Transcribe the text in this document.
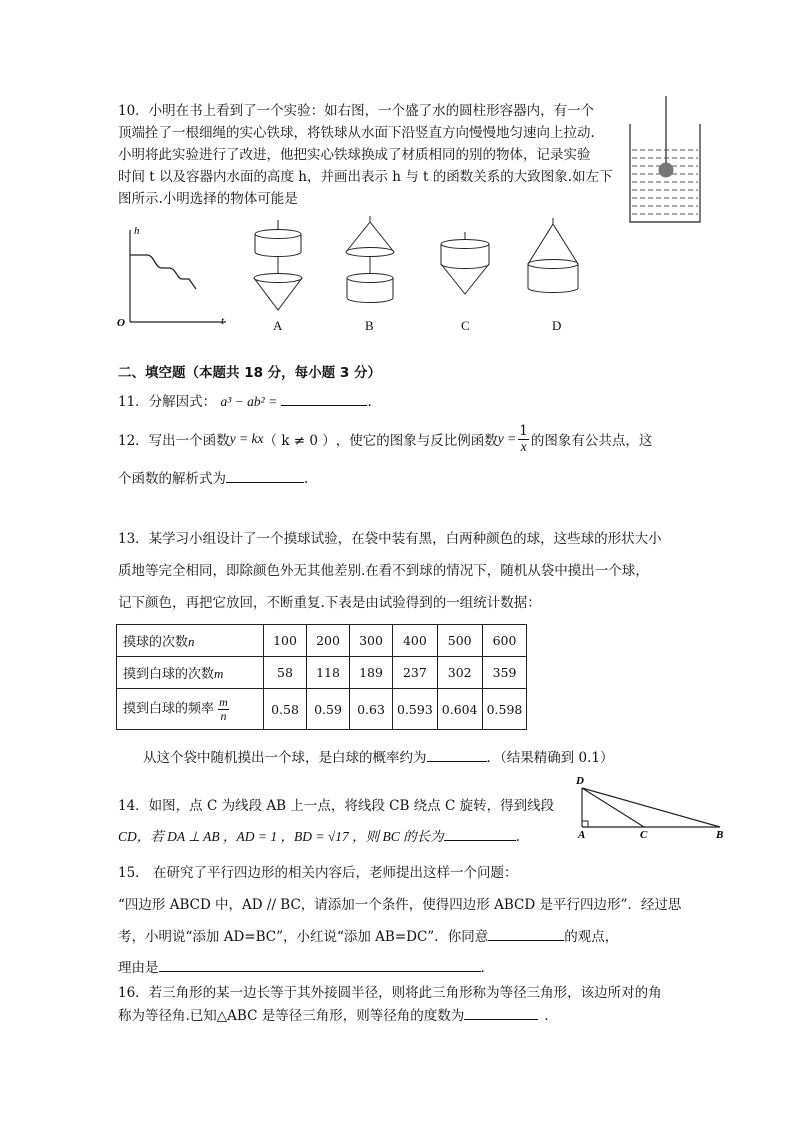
10．小明在书上看到了一个实验：如右图，一个盛了水的圆柱形容器内，有一个
顶端拴了一根细绳的实心铁球，将铁球从水面下沿竖直方向慢慢地匀速向上拉动.
小明将此实验进行了改进，他把实心铁球换成了材质相同的别的物体，记录实验
时间 t 以及容器内水面的高度 h，并画出表示 h 与 t 的函数关系的大致图象.如左下
图所示.小明选择的物体可能是
h
O	t	A	B	C	D
二、填空题（本题共 18 分，每小题 3 分）
11．分解因式： a³ − ab² =	.
12．写出一个函数 y = kx （ k ≠ 0 ） ，使它的图象与反比例函数 $y = \frac{1}{x}$ 的图象有公共点，这
个函数的解析式为	.
13．某学习小组设计了一个摸球试验，在袋中装有黑，白两种颜色的球，这些球的形状大小
质地等完全相同，即除颜色外无其他差别.在看不到球的情况下，随机从袋中摸出一个球，
记下颜色，再把它放回，不断重复.下表是由试验得到的一组统计数据：
摸球的次数n	100	200	300	400	500	600
摸到白球的次数m	58	118	189	237	302	359
摸到白球的频率 $\frac{m}{n}$	0.58	0.59	0.63	0.593	0.604	0.598
从这个袋中随机摸出一个球，是白球的概率约为	．（结果精确到 0.1）
14．如图，点 C 为线段 AB 上一点，将线段 CB 绕点 C 旋转，得到线段
CD，若 DA ⊥ AB ，AD = 1 ，BD = √17 ，则 BC 的长为	.
D
A	C	B
15． 在研究了平行四边形的相关内容后，老师提出这样一个问题：
“四边形 ABCD 中，AD // BC，请添加一个条件，使得四边形 ABCD 是平行四边形”．经过思
考，小明说“添加 AD=BC”，小红说“添加 AB=DC”．你同意	的观点，
理由是	.
16．若三角形的某一边长等于其外接圆半径，则将此三角形称为等径三角形，该边所对的角
称为等径角.已知△ABC 是等径三角形，则等径角的度数为	.
